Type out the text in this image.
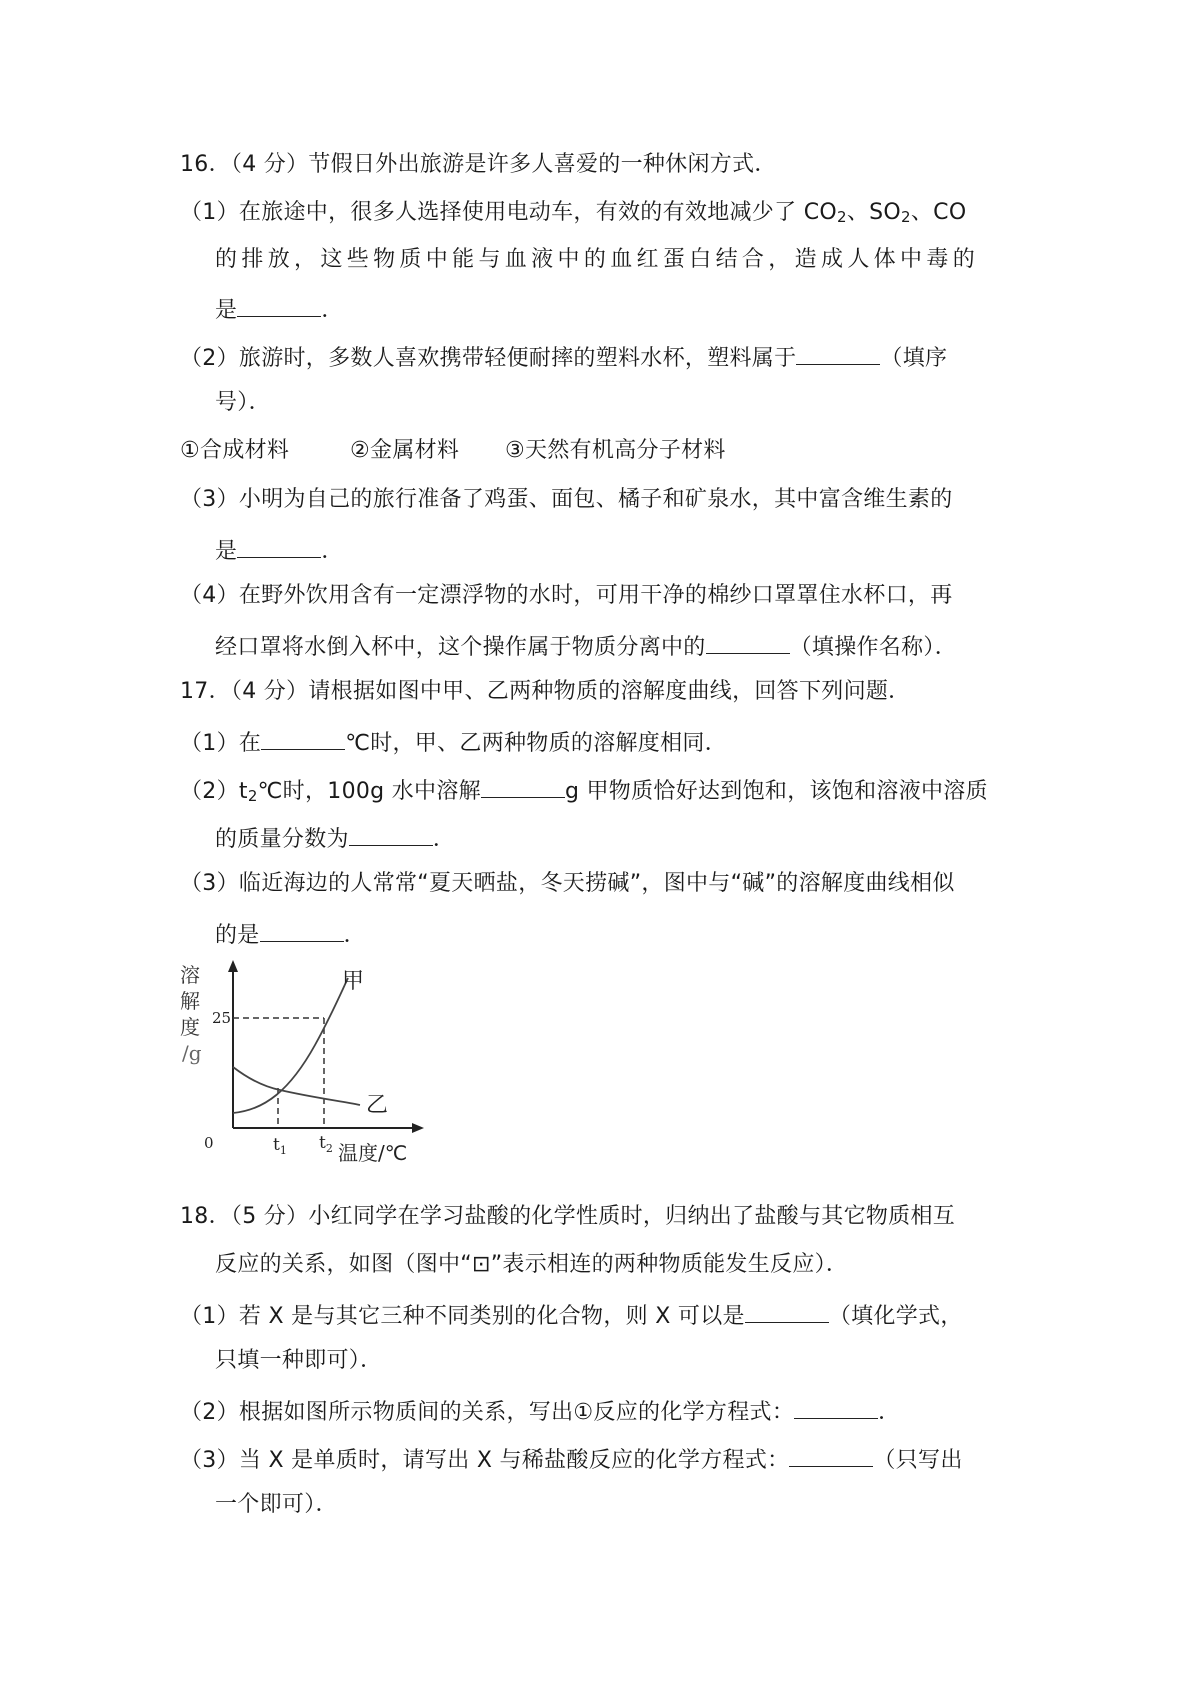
16．（4 分）节假日外出旅游是许多人喜爱的一种休闲方式．
（1）在旅途中，很多人选择使用电动车，有效的有效地减少了 $CO_2$、$SO_2$、CO
的排放，这些物质中能与血液中的血红蛋白结合，造成人体中毒的
是	．
（2）旅游时，多数人喜欢携带轻便耐摔的塑料水杯，塑料属于	（填序
号）．
①合成材料	②金属材料 ③天然有机高分子材料
（3）小明为自己的旅行准备了鸡蛋、面包、橘子和矿泉水，其中富含维生素的
是	．
（4）在野外饮用含有一定漂浮物的水时，可用干净的棉纱口罩罩住水杯口，再
经口罩将水倒入杯中，这个操作属于物质分离中的	（填操作名称）．
17．（4 分）请根据如图中甲、乙两种物质的溶解度曲线，回答下列问题．
（1）在	℃时，甲、乙两种物质的溶解度相同．
$(2)t_2℃$时，100g 水中溶解	g 甲物质恰好达到饱和，该饱和溶液中溶质
的质量分数为	．
（3）临近海边的人常常“夏天晒盐，冬天捞碱”，图中与“碱”的溶解度曲线相似
的是	．
溶
解
度
/g
甲
乙
25
0	$t_1$ $t_2$ 温度/℃
18．（5 分）小红同学在学习盐酸的化学性质时，归纳出了盐酸与其它物质相互
反应的关系，如图（图中“⊡”表示相连的两种物质能发生反应）．
（1）若 X 是与其它三种不同类别的化合物，则 X 可以是	（填化学式，
只填一种即可）．
（2）根据如图所示物质间的关系，写出①反应的化学方程式：	．
（3）当 X 是单质时，请写出 X 与稀盐酸反应的化学方程式：	（只写出
一个即可）．
